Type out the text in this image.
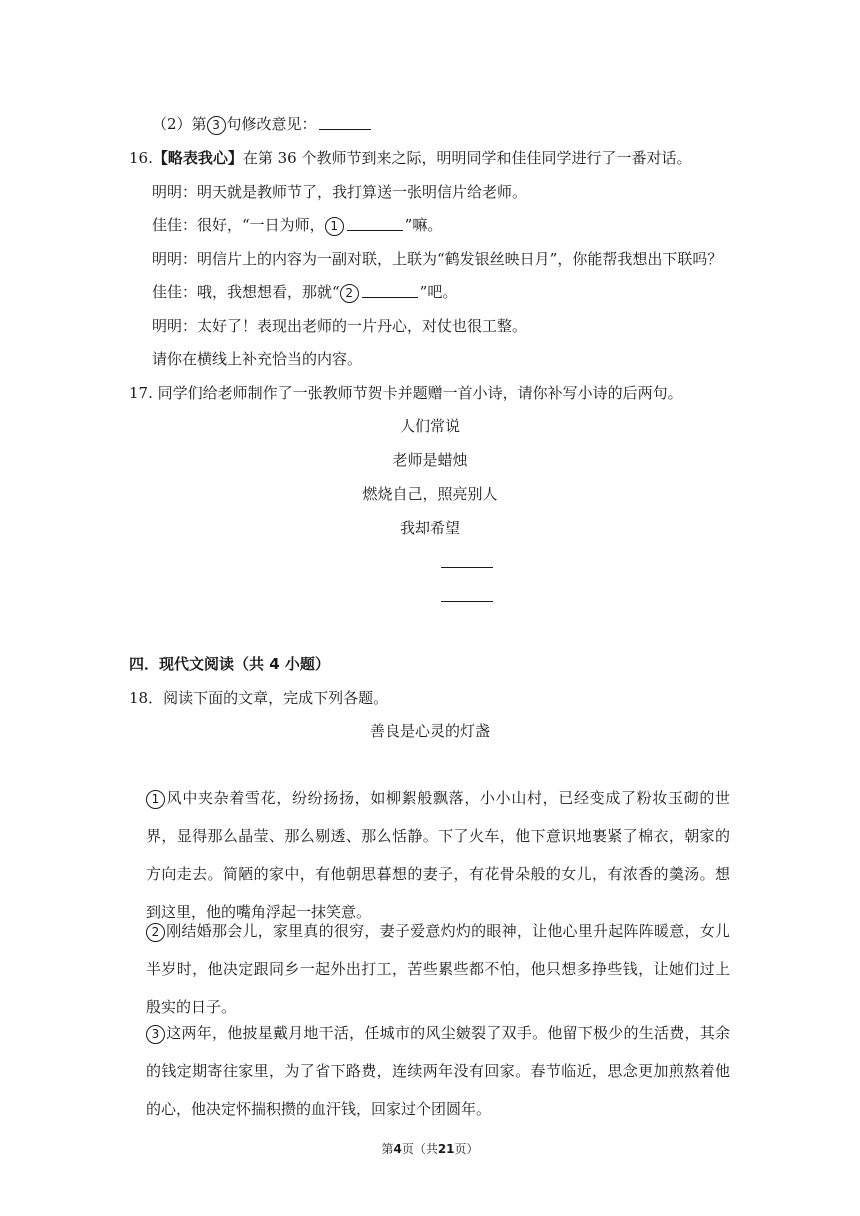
（2）第 3 句修改意见：
16.【略表我心】在第 36 个教师节到来之际，明明同学和佳佳同学进行了一番对话。
明明：明天就是教师节了，我打算送一张明信片给老师。
佳佳：很好，“一日为师， 1	”嘛。
明明：明信片上的内容为一副对联，上联为“鹤发银丝映日月”，你能帮我想出下联吗？
佳佳：哦，我想想看，那就“ 2	”吧。
明明：太好了！表现出老师的一片丹心，对仗也很工整。
请你在横线上补充恰当的内容。
17. 同学们给老师制作了一张教师节贺卡并题赠一首小诗，请你补写小诗的后两句。
人们常说
老师是蜡烛
燃烧自己，照亮别人
我却希望
四．现代文阅读（共 4 小题）
18．阅读下面的文章，完成下列各题。
善良是心灵的灯盏
1 风中夹杂着雪花，纷纷扬扬，如柳絮般飘落，小小山村，已经变成了粉妆玉砌的世界，显得那么晶莹、那么剔透、那么恬静。下了火车，他下意识地裹紧了棉衣，朝家的方向走去。简陋的家中，有他朝思暮想的妻子，有花骨朵般的女儿，有浓香的羹汤。想到这里，他的嘴角浮起一抹笑意。
2 刚结婚那会儿，家里真的很穷，妻子爱意灼灼的眼神，让他心里升起阵阵暖意，女儿半岁时，他决定跟同乡一起外出打工，苦些累些都不怕，他只想多挣些钱，让她们过上殷实的日子。
3 这两年，他披星戴月地干活，任城市的风尘皴裂了双手。他留下极少的生活费，其余的钱定期寄往家里，为了省下路费，连续两年没有回家。春节临近，思念更加煎熬着他的心，他决定怀揣积攒的血汗钱，回家过个团圆年。
第4页（共21页）
